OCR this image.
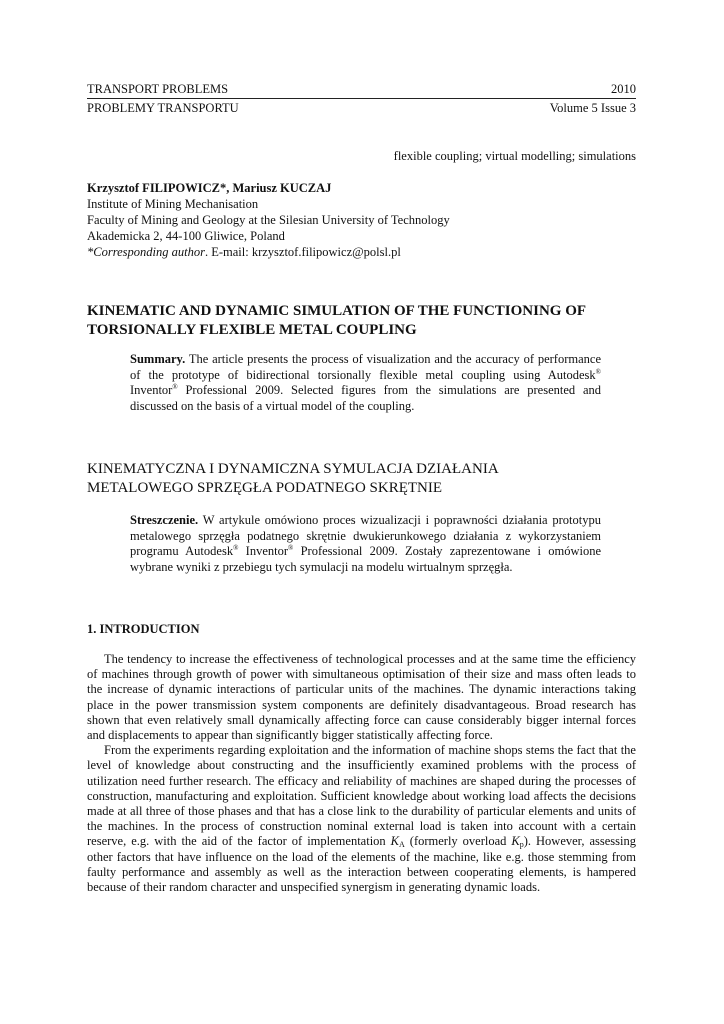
TRANSPORT PROBLEMS	2010
PROBLEMY TRANSPORTU	Volume 5 Issue 3
flexible coupling; virtual modelling; simulations
Krzysztof FILIPOWICZ*, Mariusz KUCZAJ
Institute of Mining Mechanisation
Faculty of Mining and Geology at the Silesian University of Technology
Akademicka 2, 44-100 Gliwice, Poland
*Corresponding author. E-mail: krzysztof.filipowicz@polsl.pl
KINEMATIC AND DYNAMIC SIMULATION OF THE FUNCTIONING OF
TORSIONALLY FLEXIBLE METAL COUPLING
Summary. The article presents the process of visualization and the accuracy of performance of the prototype of bidirectional torsionally flexible metal coupling using Autodesk® Inventor® Professional 2009. Selected figures from the simulations are presented and discussed on the basis of a virtual model of the coupling.
KINEMATYCZNA I DYNAMICZNA SYMULACJA DZIAŁANIA
METALOWEGO SPRZĘGŁA PODATNEGO SKRĘTNIE
Streszczenie. W artykule omówiono proces wizualizacji i poprawności działania prototypu metalowego sprzęgła podatnego skrętnie dwukierunkowego działania z wykorzystaniem programu Autodesk® Inventor® Professional 2009. Zostały zaprezentowane i omówione wybrane wyniki z przebiegu tych symulacji na modelu wirtualnym sprzęgła.
1. INTRODUCTION

The tendency to increase the effectiveness of technological processes and at the same time the efficiency of machines through growth of power with simultaneous optimisation of their size and mass often leads to the increase of dynamic interactions of particular units of the machines. The dynamic interactions taking place in the power transmission system components are definitely disadvantageous. Broad research has shown that even relatively small dynamically affecting force can cause considerably bigger internal forces and displacements to appear than significantly bigger statistically affecting force.

From the experiments regarding exploitation and the information of machine shops stems the fact that the level of knowledge about constructing and the insufficiently examined problems with the process of utilization need further research. The efficacy and reliability of machines are shaped during the processes of construction, manufacturing and exploitation. Sufficient knowledge about working load affects the decisions made at all three of those phases and that has a close link to the durability of particular elements and units of the machines. In the process of construction nominal external load is taken into account with a certain reserve, e.g. with the aid of the factor of implementation $K_A$ (formerly overload $K_p$). However, assessing other factors that have influence on the load of the elements of the machine, like e.g. those stemming from faulty performance and assembly as well as the interaction between cooperating elements, is hampered because of their random character and unspecified synergism in generating dynamic loads.
